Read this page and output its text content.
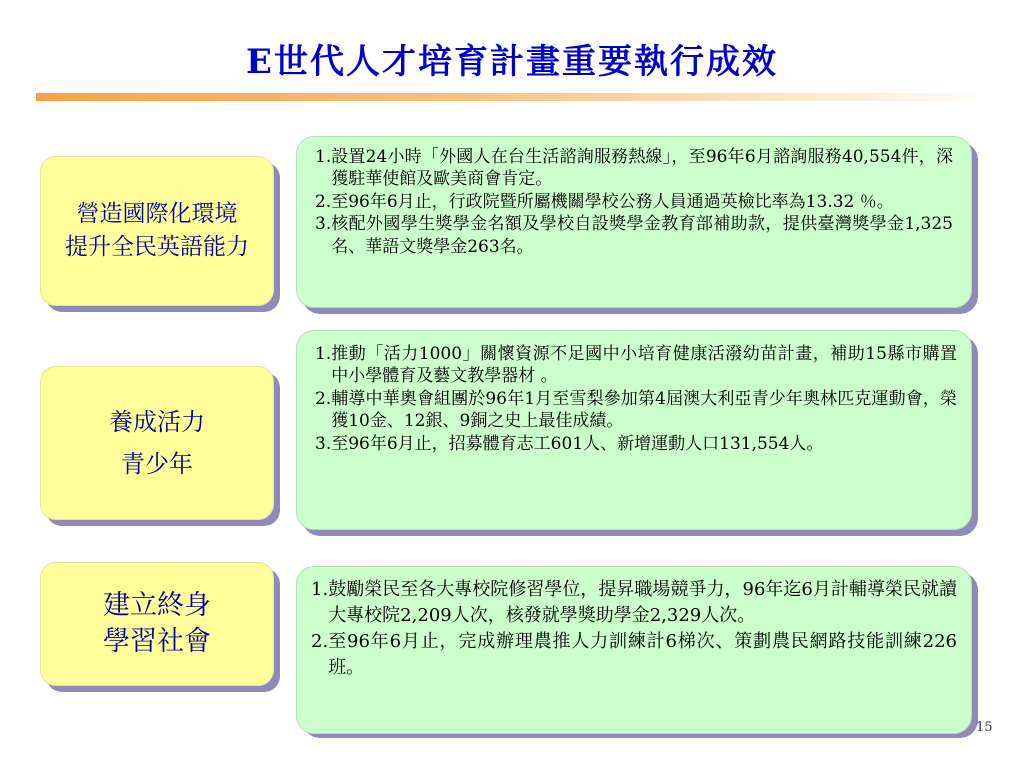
E世代人才培育計畫重要執行成效
營造國際化環境
提升全民英語能力
1. 設置24小時「外國人在台生活諮詢服務熱線」，至96年6月諮詢服務40,554件，深獲駐華使館及歐美商會肯定。
2. 至96年6月止，行政院暨所屬機關學校公務人員通過英檢比率為13.32 ％。
3. 核配外國學生獎學金名額及學校自設獎學金教育部補助款，提供臺灣獎學金1,325名、華語文獎學金263名。
養成活力
青少年
1. 推動「活力1000」關懷資源不足國中小培育健康活潑幼苗計畫，補助15縣市購置中小學體育及藝文教學器材 。
2. 輔導中華奧會組團於96年1月至雪梨參加第4屆澳大利亞青少年奧林匹克運動會，榮獲10金、12銀、9銅之史上最佳成績。
3. 至96年6月止，招募體育志工601人、新增運動人口131,554人。
建立終身
學習社會
1. 鼓勵榮民至各大專校院修習學位，提昇職場競爭力，96年迄6月計輔導榮民就讀大專校院2,209人次，核發就學獎助學金2,329人次。
2. 至96年6月止，完成辦理農推人力訓練計6梯次、策劃農民網路技能訓練226班。
15
